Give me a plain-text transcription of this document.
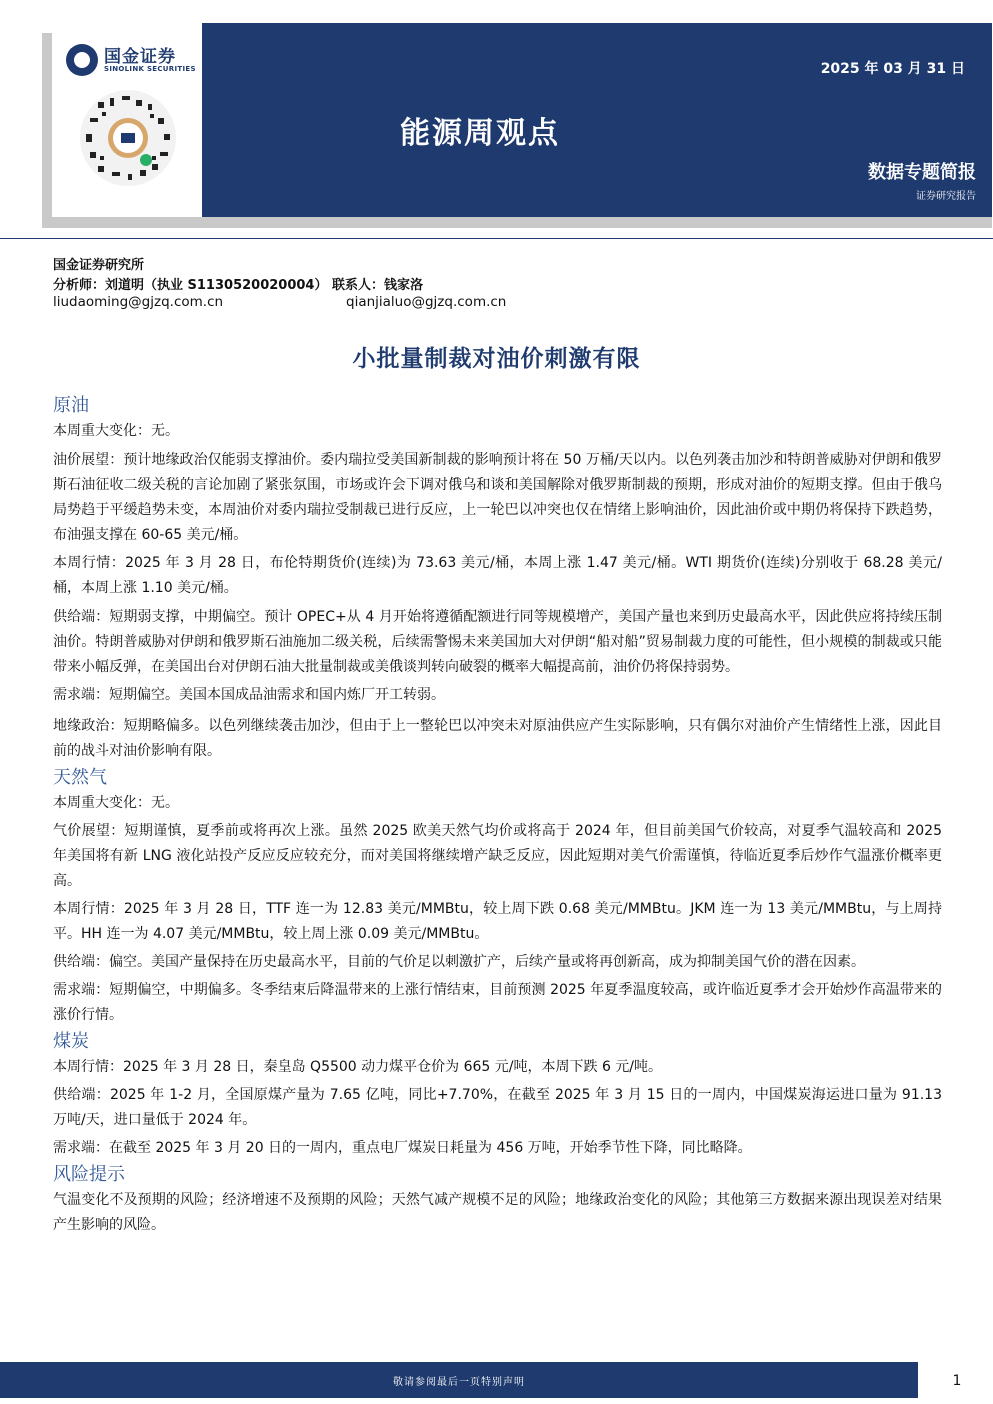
国金证券
SINOLINK SECURITIES	2025 年 03 月 31 日
能源周观点
数据专题简报
证券研究报告
国金证券研究所
分析师：刘道明（执业 S1130520020004） 联系人：钱家洛
liudaoming@gjzq.com.cn	qianjialuo@gjzq.com.cn
小批量制裁对油价刺激有限
原油

本周重大变化：无。

油价展望：预计地缘政治仅能弱支撑油价。委内瑞拉受美国新制裁的影响预计将在 50 万桶/天以内。以色列袭击加沙和特朗普威胁对伊朗和俄罗斯石油征收二级关税的言论加剧了紧张氛围，市场或许会下调对俄乌和谈和美国解除对俄罗斯制裁的预期，形成对油价的短期支撑。但由于俄乌局势趋于平缓趋势未变，本周油价对委内瑞拉受制裁已进行反应，上一轮巴以冲突也仅在情绪上影响油价，因此油价或中期仍将保持下跌趋势，布油强支撑在 60-65 美元/桶。

本周行情：2025 年 3 月 28 日，布伦特期货价(连续)为 73.63 美元/桶，本周上涨 1.47 美元/桶。WTI 期货价(连续)分别收于 68.28 美元/桶，本周上涨 1.10 美元/桶。

供给端：短期弱支撑，中期偏空。预计 OPEC+从 4 月开始将遵循配额进行同等规模增产，美国产量也来到历史最高水平，因此供应将持续压制油价。特朗普威胁对伊朗和俄罗斯石油施加二级关税，后续需警惕未来美国加大对伊朗“船对船”贸易制裁力度的可能性，但小规模的制裁或只能带来小幅反弹，在美国出台对伊朗石油大批量制裁或美俄谈判转向破裂的概率大幅提高前，油价仍将保持弱势。

需求端：短期偏空。美国本国成品油需求和国内炼厂开工转弱。

地缘政治：短期略偏多。以色列继续袭击加沙，但由于上一整轮巴以冲突未对原油供应产生实际影响，只有偶尔对油价产生情绪性上涨，因此目前的战斗对油价影响有限。

天然气

本周重大变化：无。

气价展望：短期谨慎，夏季前或将再次上涨。虽然 2025 欧美天然气均价或将高于 2024 年，但目前美国气价较高，对夏季气温较高和 2025 年美国将有新 LNG 液化站投产反应反应较充分，而对美国将继续增产缺乏反应，因此短期对美气价需谨慎，待临近夏季后炒作气温涨价概率更高。

本周行情：2025 年 3 月 28 日，TTF 连一为 12.83 美元/MMBtu，较上周下跌 0.68 美元/MMBtu。JKM 连一为 13 美元/MMBtu，与上周持平。HH 连一为 4.07 美元/MMBtu，较上周上涨 0.09 美元/MMBtu。

供给端：偏空。美国产量保持在历史最高水平，目前的气价足以刺激扩产，后续产量或将再创新高，成为抑制美国气价的潜在因素。

需求端：短期偏空，中期偏多。冬季结束后降温带来的上涨行情结束，目前预测 2025 年夏季温度较高，或许临近夏季才会开始炒作高温带来的涨价行情。

煤炭

本周行情：2025 年 3 月 28 日，秦皇岛 Q5500 动力煤平仓价为 665 元/吨，本周下跌 6 元/吨。

供给端：2025 年 1-2 月，全国原煤产量为 7.65 亿吨，同比+7.70%，在截至 2025 年 3 月 15 日的一周内，中国煤炭海运进口量为 91.13 万吨/天，进口量低于 2024 年。

需求端：在截至 2025 年 3 月 20 日的一周内，重点电厂煤炭日耗量为 456 万吨，开始季节性下降，同比略降。

风险提示

气温变化不及预期的风险；经济增速不及预期的风险；天然气减产规模不足的风险；地缘政治变化的风险；其他第三方数据来源出现误差对结果产生影响的风险。

敬请参阅最后一页特别声明	1
